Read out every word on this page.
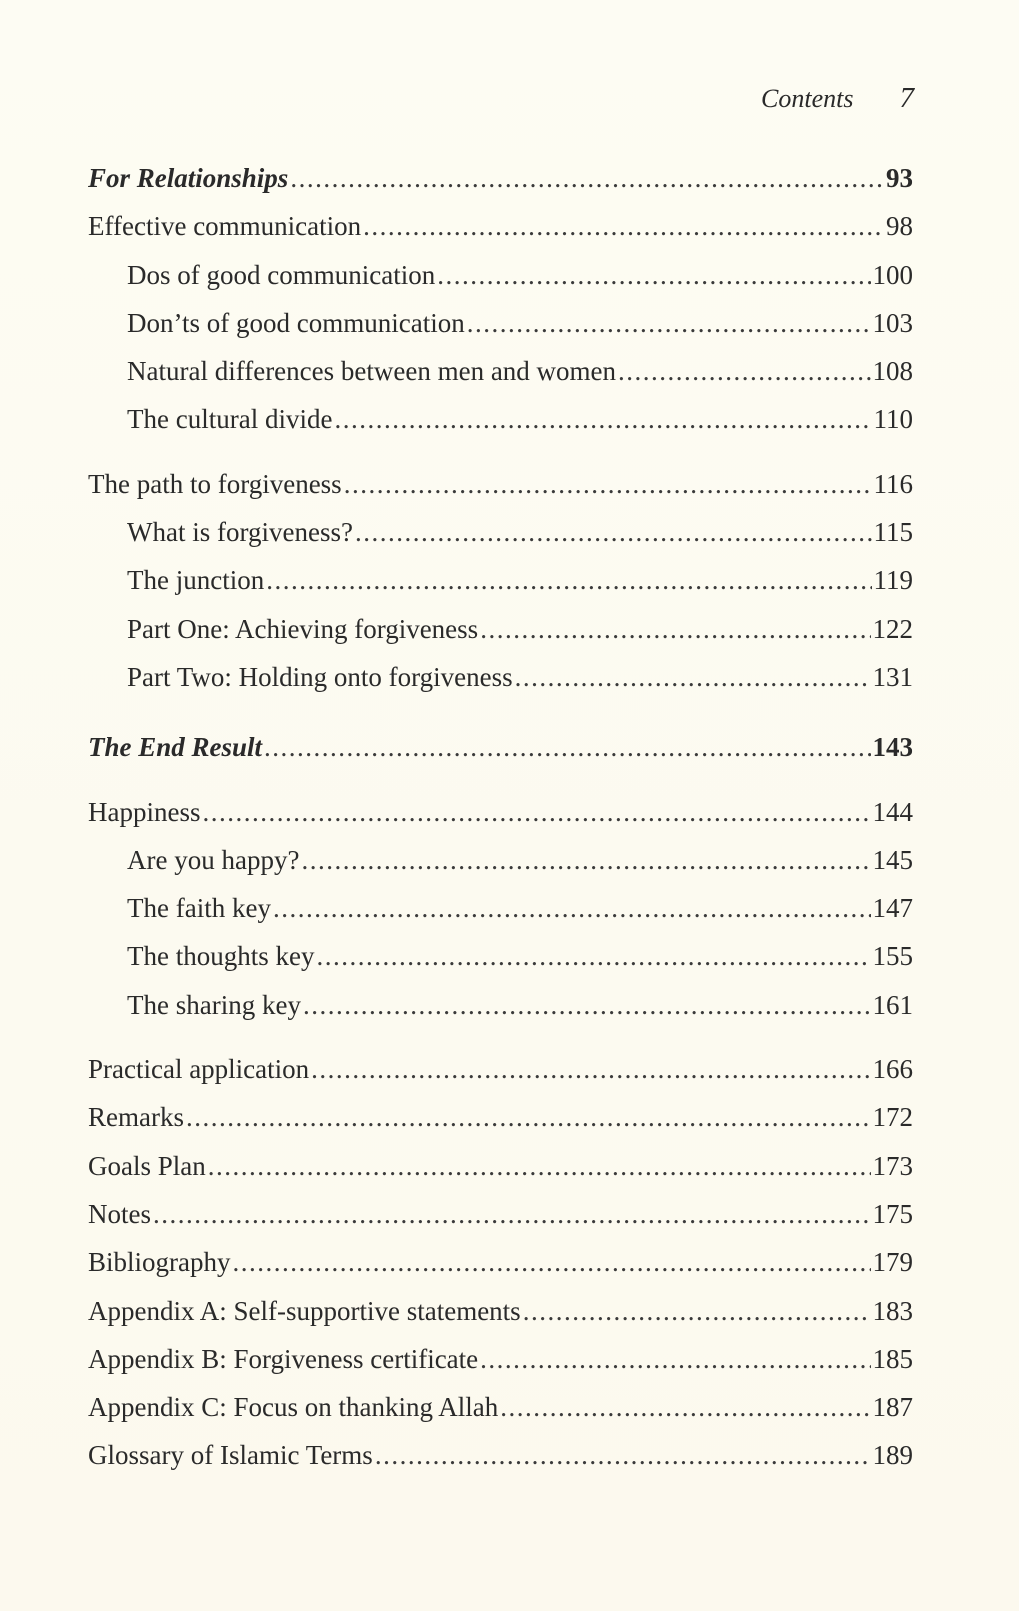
Contents 7
For Relationships .....	93
Effective communication .....	98
Dos of good communication .....	100
Don’ts of good communication .....	103
Natural differences between men and women .....	108
The cultural divide .....	110
The path to forgiveness .....	116
What is forgiveness? .....	115
The junction .....	119
Part One: Achieving forgiveness .....	122
Part Two: Holding onto forgiveness .....	131
The End Result .....	143
Happiness .....	144
Are you happy? .....	145
The faith key .....	147
The thoughts key .....	155
The sharing key .....	161
Practical application .....	166
Remarks .....	172
Goals Plan .....	173
Notes .....	175
Bibliography .....	179
Appendix A: Self-supportive statements .....	183
Appendix B: Forgiveness certificate .....	185
Appendix C: Focus on thanking Allah .....	187
Glossary of Islamic Terms .....	189
